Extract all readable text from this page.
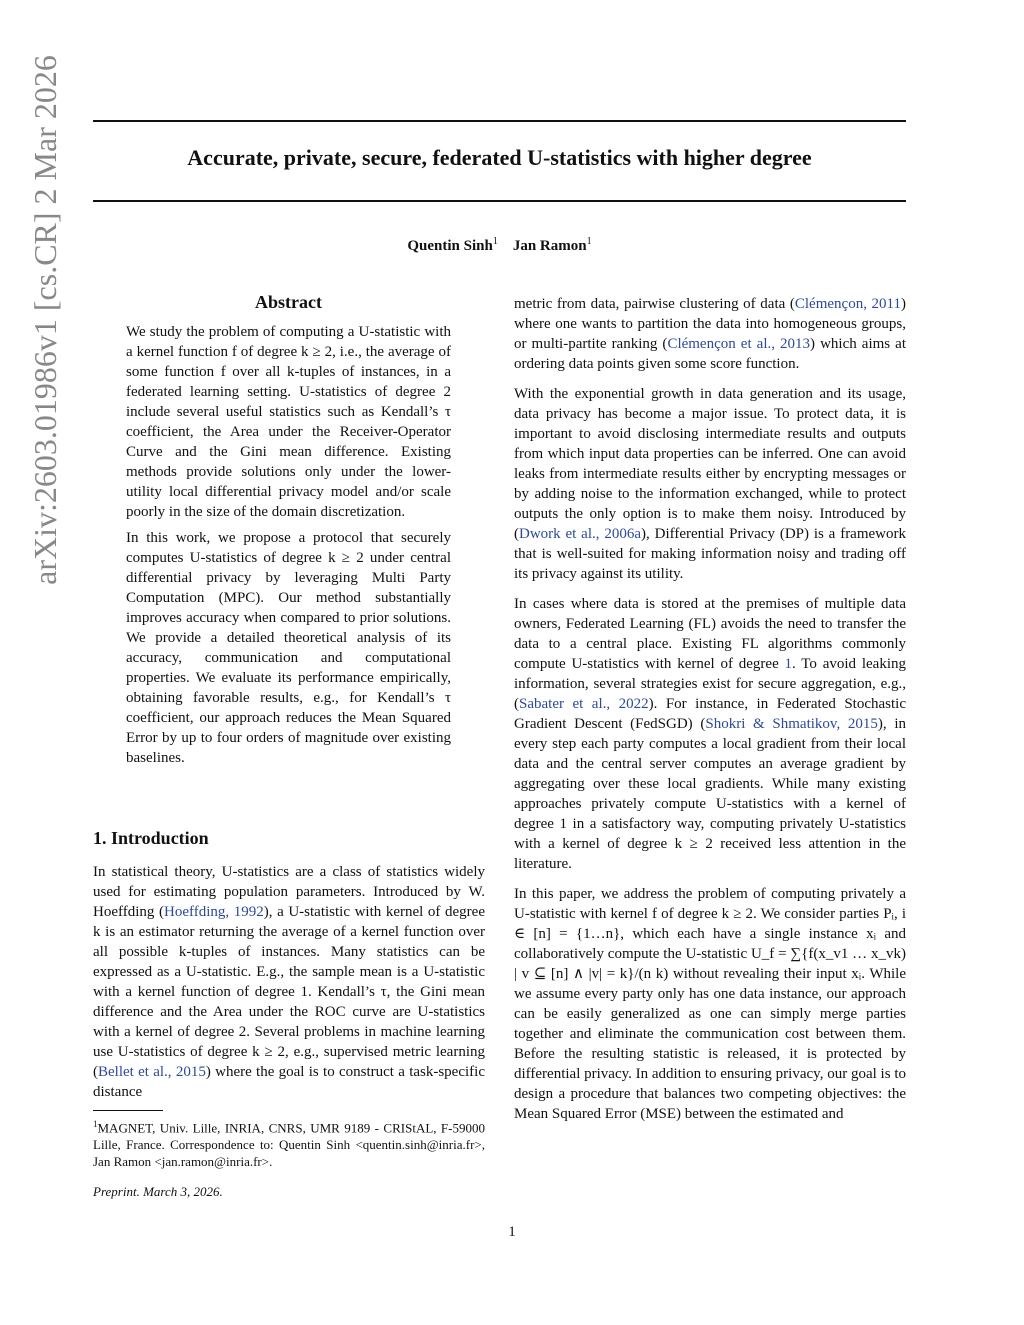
arXiv:2603.01986v1 [cs.CR] 2 Mar 2026	Accurate, private, secure, federated U-statistics with higher degree
Quentin Sinh$^1$ Jan Ramon$^1$
Abstract

We study the problem of computing a U-statistic with a kernel function f of degree k ≥ 2, i.e., the average of some function f over all k-tuples of instances, in a federated learning setting. U-statistics of degree 2 include several useful statistics such as Kendall’s τ coefficient, the Area under the Receiver-Operator Curve and the Gini mean difference. Existing methods provide solutions only under the lower-utility local differential privacy model and/or scale poorly in the size of the domain discretization.

In this work, we propose a protocol that securely computes U-statistics of degree k ≥ 2 under central differential privacy by leveraging Multi Party Computation (MPC). Our method substantially improves accuracy when compared to prior solutions. We provide a detailed theoretical analysis of its accuracy, communication and computational properties. We evaluate its performance empirically, obtaining favorable results, e.g., for Kendall’s τ coefficient, our approach reduces the Mean Squared Error by up to four orders of magnitude over existing baselines.

1. Introduction

In statistical theory, U-statistics are a class of statistics widely used for estimating population parameters. Introduced by W. Hoeffding (Hoeffding, 1992), a U-statistic with kernel of degree k is an estimator returning the average of a kernel function over all possible k-tuples of instances. Many statistics can be expressed as a U-statistic. E.g., the sample mean is a U-statistic with a kernel function of degree 1. Kendall’s τ, the Gini mean difference and the Area under the ROC curve are U-statistics with a kernel of degree 2. Several problems in machine learning use U-statistics of degree k ≥ 2, e.g., supervised metric learning (Bellet et al., 2015) where the goal is to construct a task-specific distance

metric from data, pairwise clustering of data (Clémençon, 2011) where one wants to partition the data into homogeneous groups, or multi-partite ranking (Clémençon et al., 2013) which aims at ordering data points given some score function.

With the exponential growth in data generation and its usage, data privacy has become a major issue. To protect data, it is important to avoid disclosing intermediate results and outputs from which input data properties can be inferred. One can avoid leaks from intermediate results either by encrypting messages or by adding noise to the information exchanged, while to protect outputs the only option is to make them noisy. Introduced by (Dwork et al., 2006a), Differential Privacy (DP) is a framework that is well-suited for making information noisy and trading off its privacy against its utility.

In cases where data is stored at the premises of multiple data owners, Federated Learning (FL) avoids the need to transfer the data to a central place. Existing FL algorithms commonly compute U-statistics with kernel of degree 1. To avoid leaking information, several strategies exist for secure aggregation, e.g., (Sabater et al., 2022). For instance, in Federated Stochastic Gradient Descent (FedSGD) (Shokri & Shmatikov, 2015), in every step each party computes a local gradient from their local data and the central server computes an average gradient by aggregating over these local gradients. While many existing approaches privately compute U-statistics with a kernel of degree 1 in a satisfactory way, computing privately U-statistics with a kernel of degree k ≥ 2 received less attention in the literature.

In this paper, we address the problem of computing privately a U-statistic with kernel f of degree k ≥ 2. We consider parties Pᵢ, i ∈ [n] = {1…n}, which each have a single instance xᵢ and collaboratively compute the U-statistic U_f = ∑{f(x_v1 … x_vk) | v ⊆ [n] ∧ |v| = k}/(n k) without revealing their input xᵢ. While we assume every party only has one data instance, our approach can be easily generalized as one can simply merge parties together and eliminate the communication cost between them. Before the resulting statistic is released, it is protected by differential privacy. In addition to ensuring privacy, our goal is to design a procedure that balances two competing objectives: the Mean Squared Error (MSE) between the estimated and

$^1$MAGNET, Univ. Lille, INRIA, CNRS, UMR 9189 - CRIStAL, F-59000 Lille, France. Correspondence to: Quentin Sinh <quentin.sinh@inria.fr>, Jan Ramon <jan.ramon@inria.fr>.
Preprint. March 3, 2026.
1
